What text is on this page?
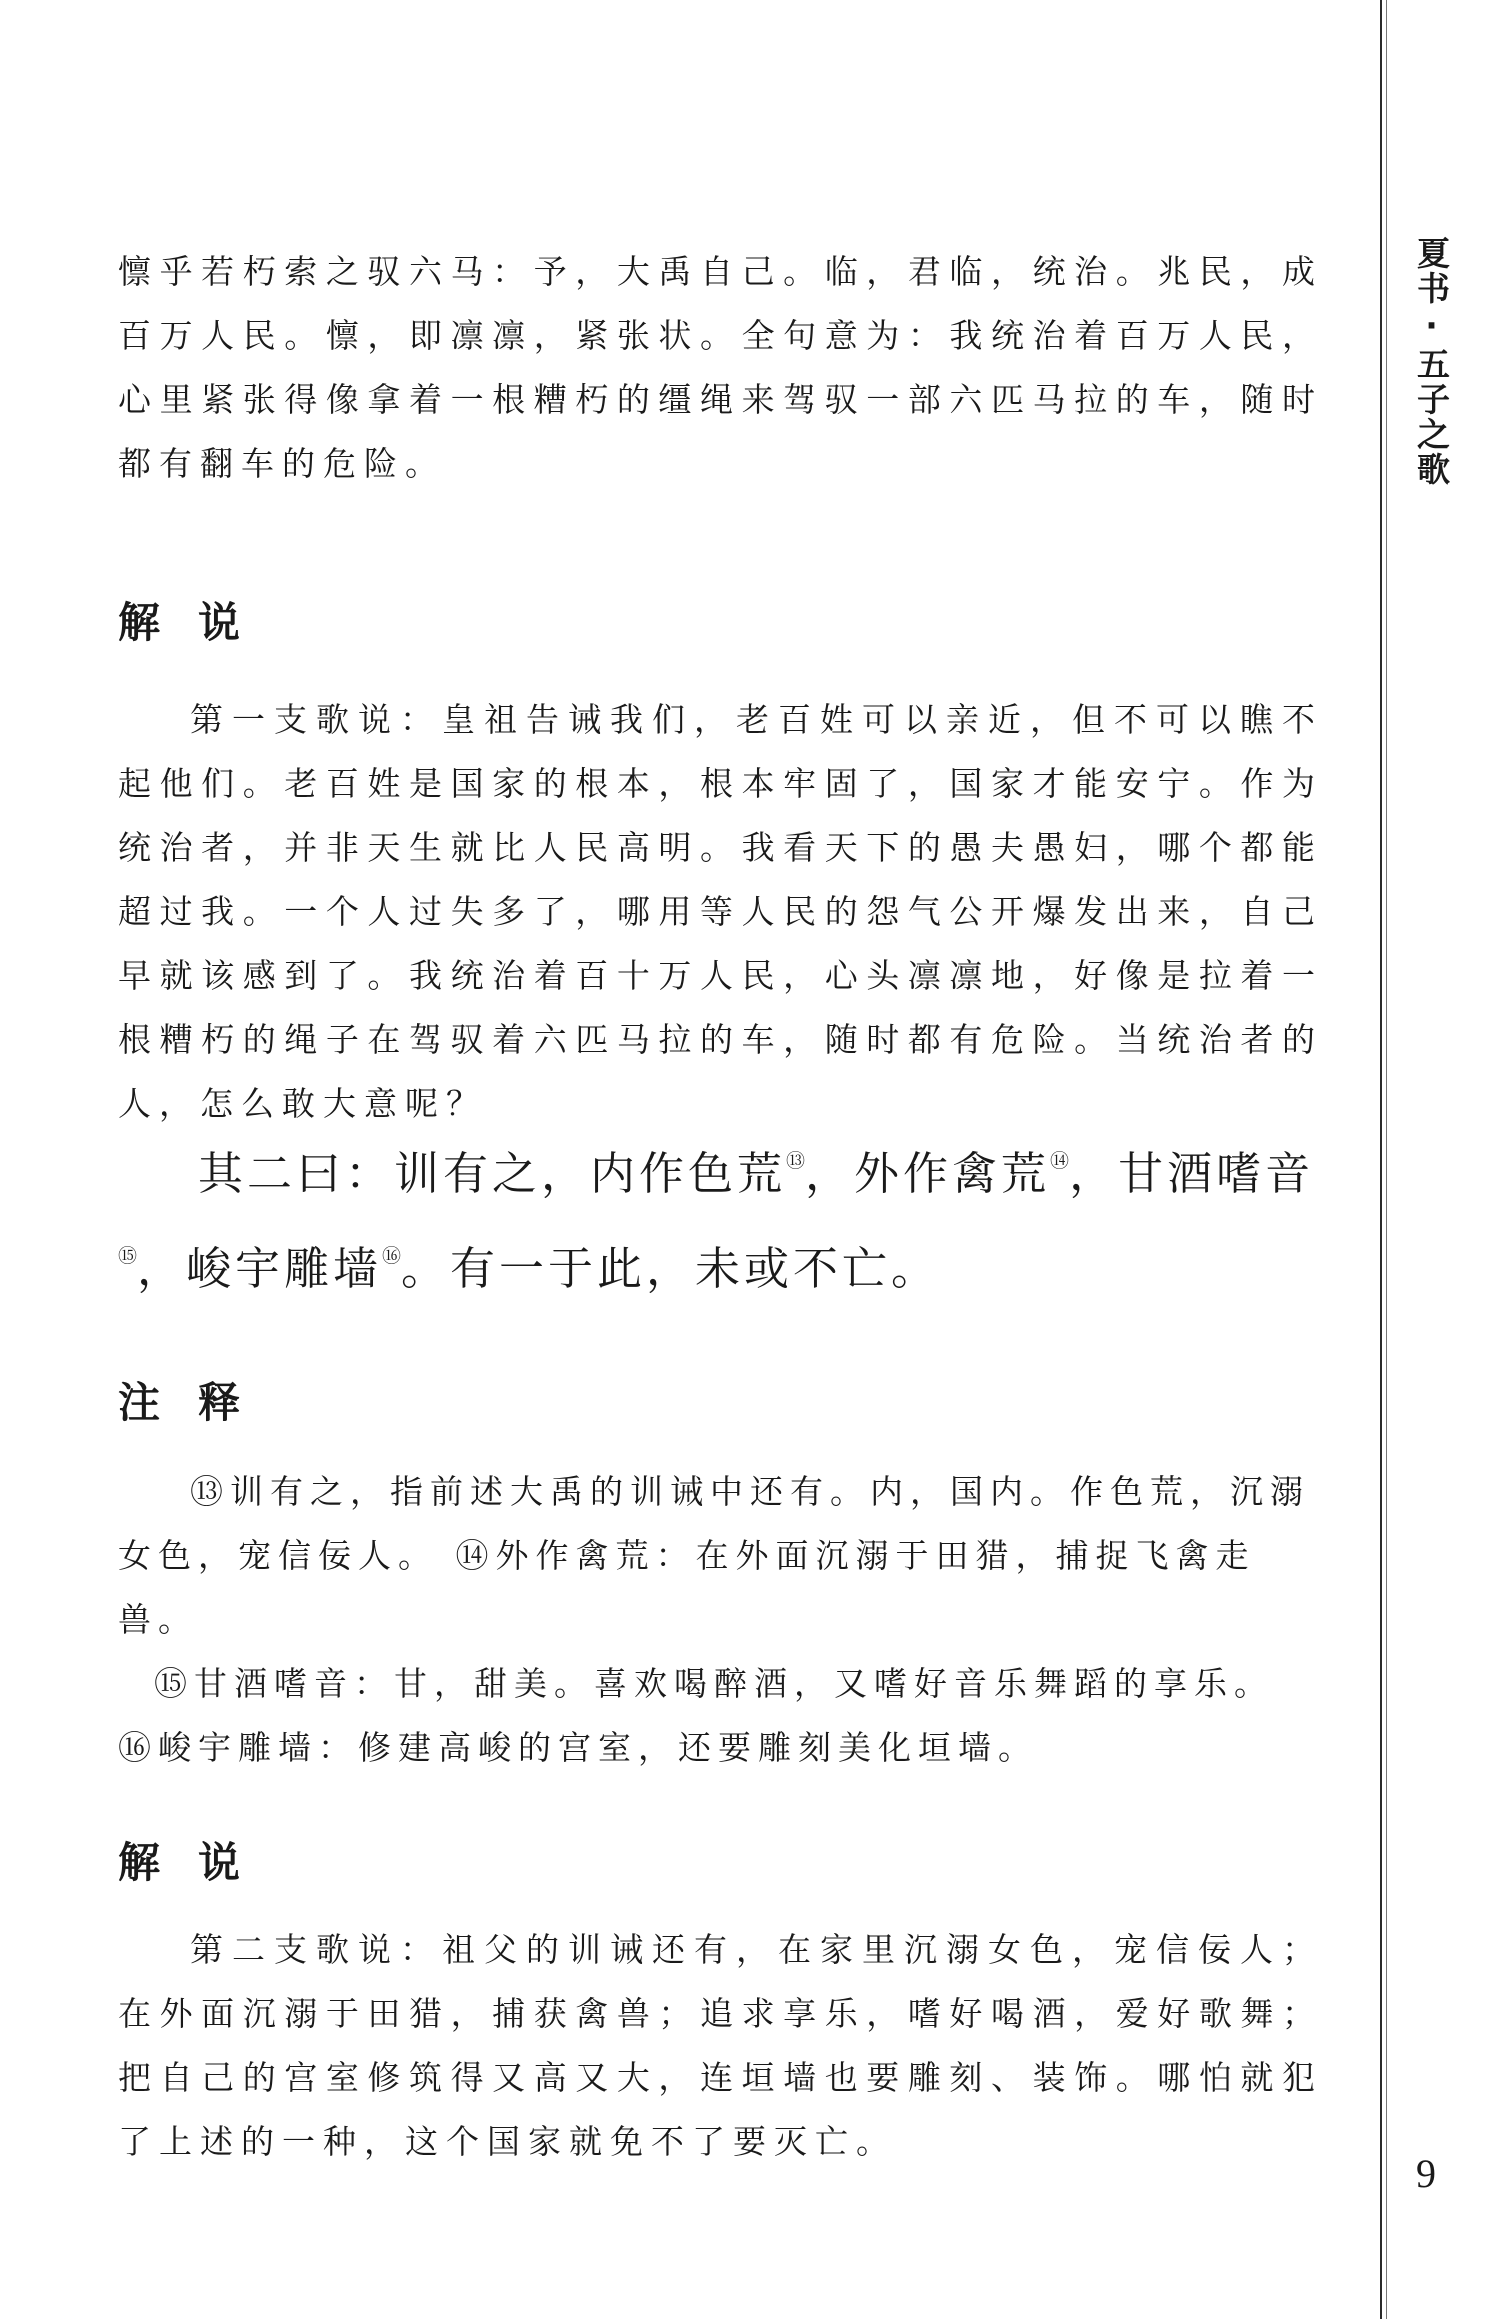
懔乎若朽索之驭六马：予，大禹自己。临，君临，统治。兆民，成百万人民。懔，即凛凛，紧张状。全句意为：我统治着百万人民，心里紧张得像拿着一根糟朽的缰绳来驾驭一部六匹马拉的车，随时都有翻车的危险。

解说

第一支歌说：皇祖告诫我们，老百姓可以亲近，但不可以瞧不起他们。老百姓是国家的根本，根本牢固了，国家才能安宁。作为统治者，并非天生就比人民高明。我看天下的愚夫愚妇，哪个都能超过我。一个人过失多了，哪用等人民的怨气公开爆发出来，自己早就该感到了。我统治着百十万人民，心头凛凛地，好像是拉着一根糟朽的绳子在驾驭着六匹马拉的车，随时都有危险。当统治者的人，怎么敢大意呢？

其二曰：训有之，内作色荒⑬，外作禽荒⑭，甘酒嗜音⑮，峻宇雕墙⑯。有一于此，未或不亡。

注释

⑬训有之，指前述大禹的训诫中还有。内，国内。作色荒，沉溺女色，宠信佞人。 ⑭外作禽荒：在外面沉溺于田猎，捕捉飞禽走兽。

⑮甘酒嗜音：甘，甜美。喜欢喝醉酒，又嗜好音乐舞蹈的享乐。

⑯峻宇雕墙：修建高峻的宫室，还要雕刻美化垣墙。

解说

第二支歌说：祖父的训诫还有，在家里沉溺女色，宠信佞人；在外面沉溺于田猎，捕获禽兽；追求享乐，嗜好喝酒，爱好歌舞；把自己的宫室修筑得又高又大，连垣墙也要雕刻、装饰。哪怕就犯了上述的一种，这个国家就免不了要灭亡。

夏书·五子之歌
9
